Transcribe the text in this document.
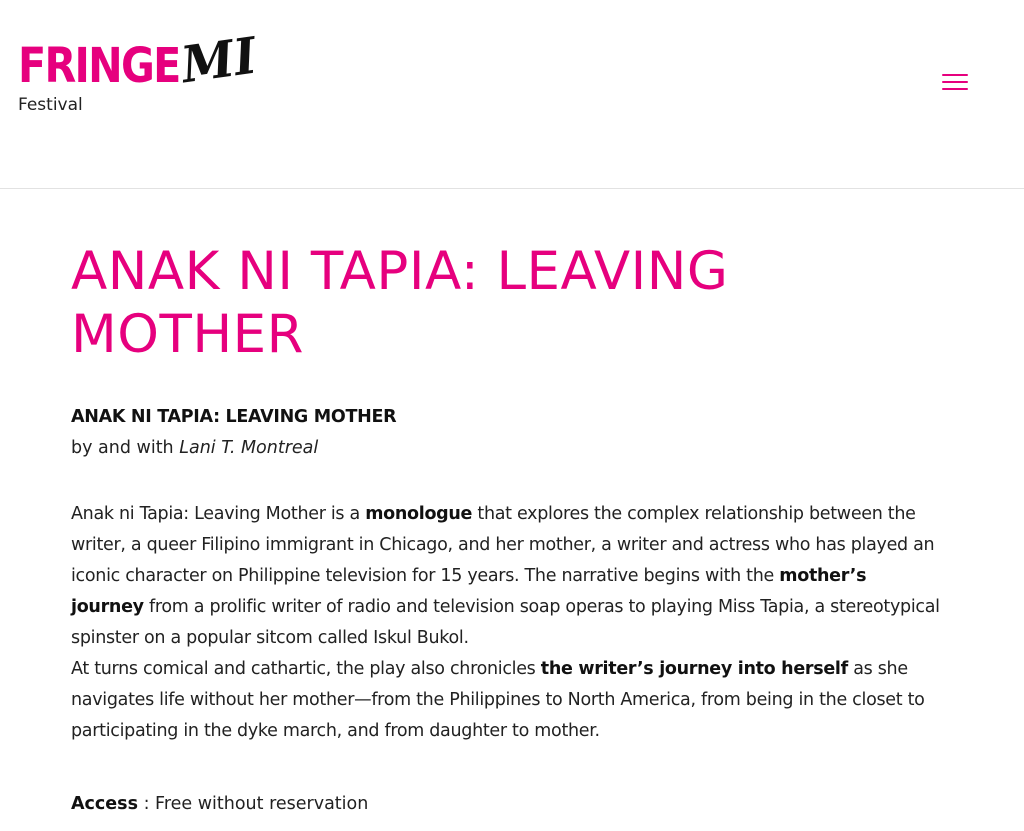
FRINGE
MI
Festival
ANAK NI TAPIA: LEAVING MOTHER
ANAK NI TAPIA: LEAVING MOTHER
by and with Lani T. Montreal

Anak ni Tapia: Leaving Mother is a monologue that explores the complex relationship between the writer, a queer Filipino immigrant in Chicago, and her mother, a writer and actress who has played an iconic character on Philippine television for 15 years. The narrative begins with the mother’s journey from a prolific writer of radio and television soap operas to playing Miss Tapia, a stereotypical spinster on a popular sitcom called Iskul Bukol.

At turns comical and cathartic, the play also chronicles the writer’s journey into herself as she navigates life without her mother—from the Philippines to North America, from being in the closet to participating in the dyke march, and from daughter to mother.

Access : Free without reservation
